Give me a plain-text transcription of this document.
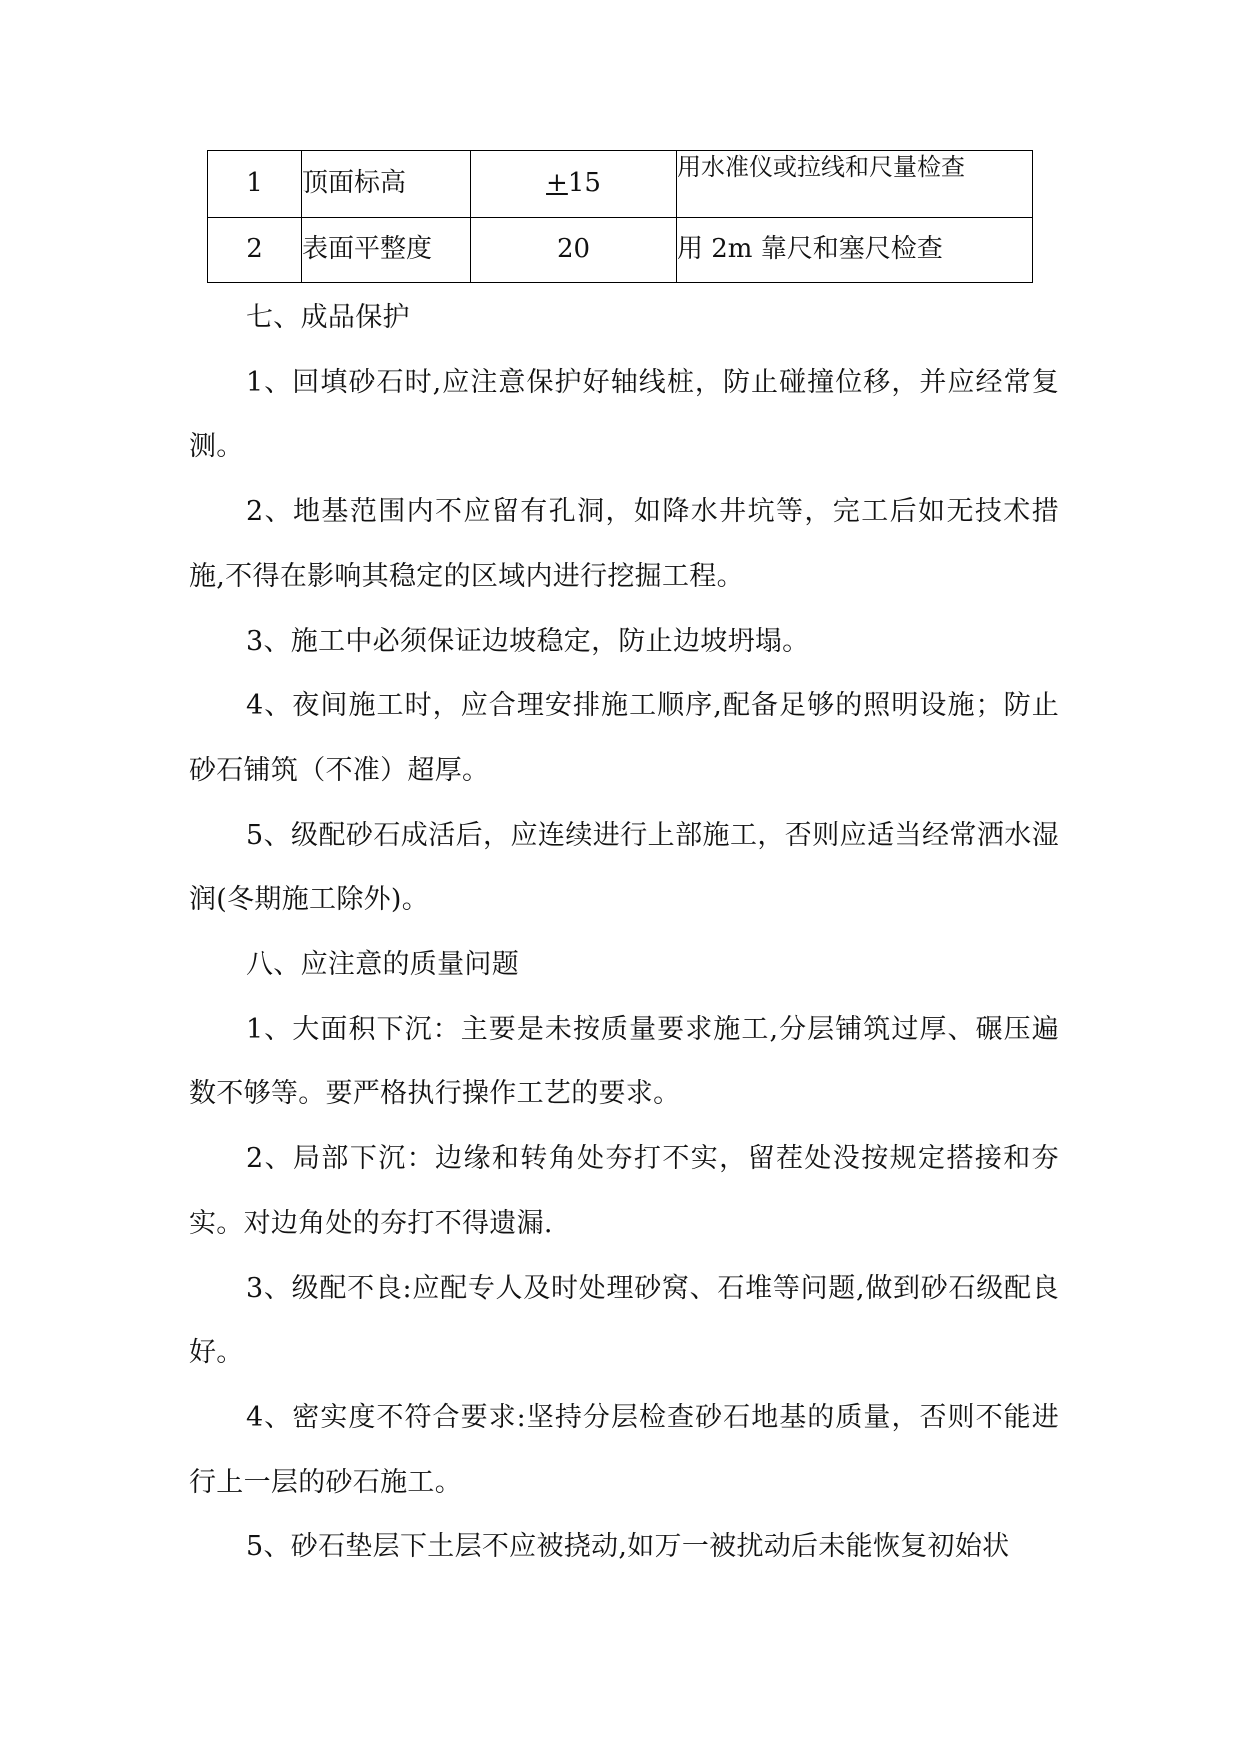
1	顶面标高	+15	用水准仪或拉线和尺量检查
2	表面平整度	20	用 2m 靠尺和塞尺检查

七、成品保护

1、回填砂石时,应注意保护好轴线桩，防止碰撞位移，并应经常复测。

2、地基范围内不应留有孔洞，如降水井坑等，完工后如无技术措施,不得在影响其稳定的区域内进行挖掘工程。

3、施工中必须保证边坡稳定，防止边坡坍塌。

4、夜间施工时，应合理安排施工顺序,配备足够的照明设施；防止砂石铺筑（不准）超厚。

5、级配砂石成活后，应连续进行上部施工，否则应适当经常洒水湿润(冬期施工除外)。

八、应注意的质量问题

1、大面积下沉：主要是未按质量要求施工,分层铺筑过厚、碾压遍数不够等。要严格执行操作工艺的要求。

2、局部下沉：边缘和转角处夯打不实，留茬处没按规定搭接和夯实。对边角处的夯打不得遗漏.

3、级配不良:应配专人及时处理砂窝、石堆等问题,做到砂石级配良好。

4、密实度不符合要求:坚持分层检查砂石地基的质量，否则不能进行上一层的砂石施工。

5、砂石垫层下土层不应被挠动,如万一被扰动后未能恢复初始状
